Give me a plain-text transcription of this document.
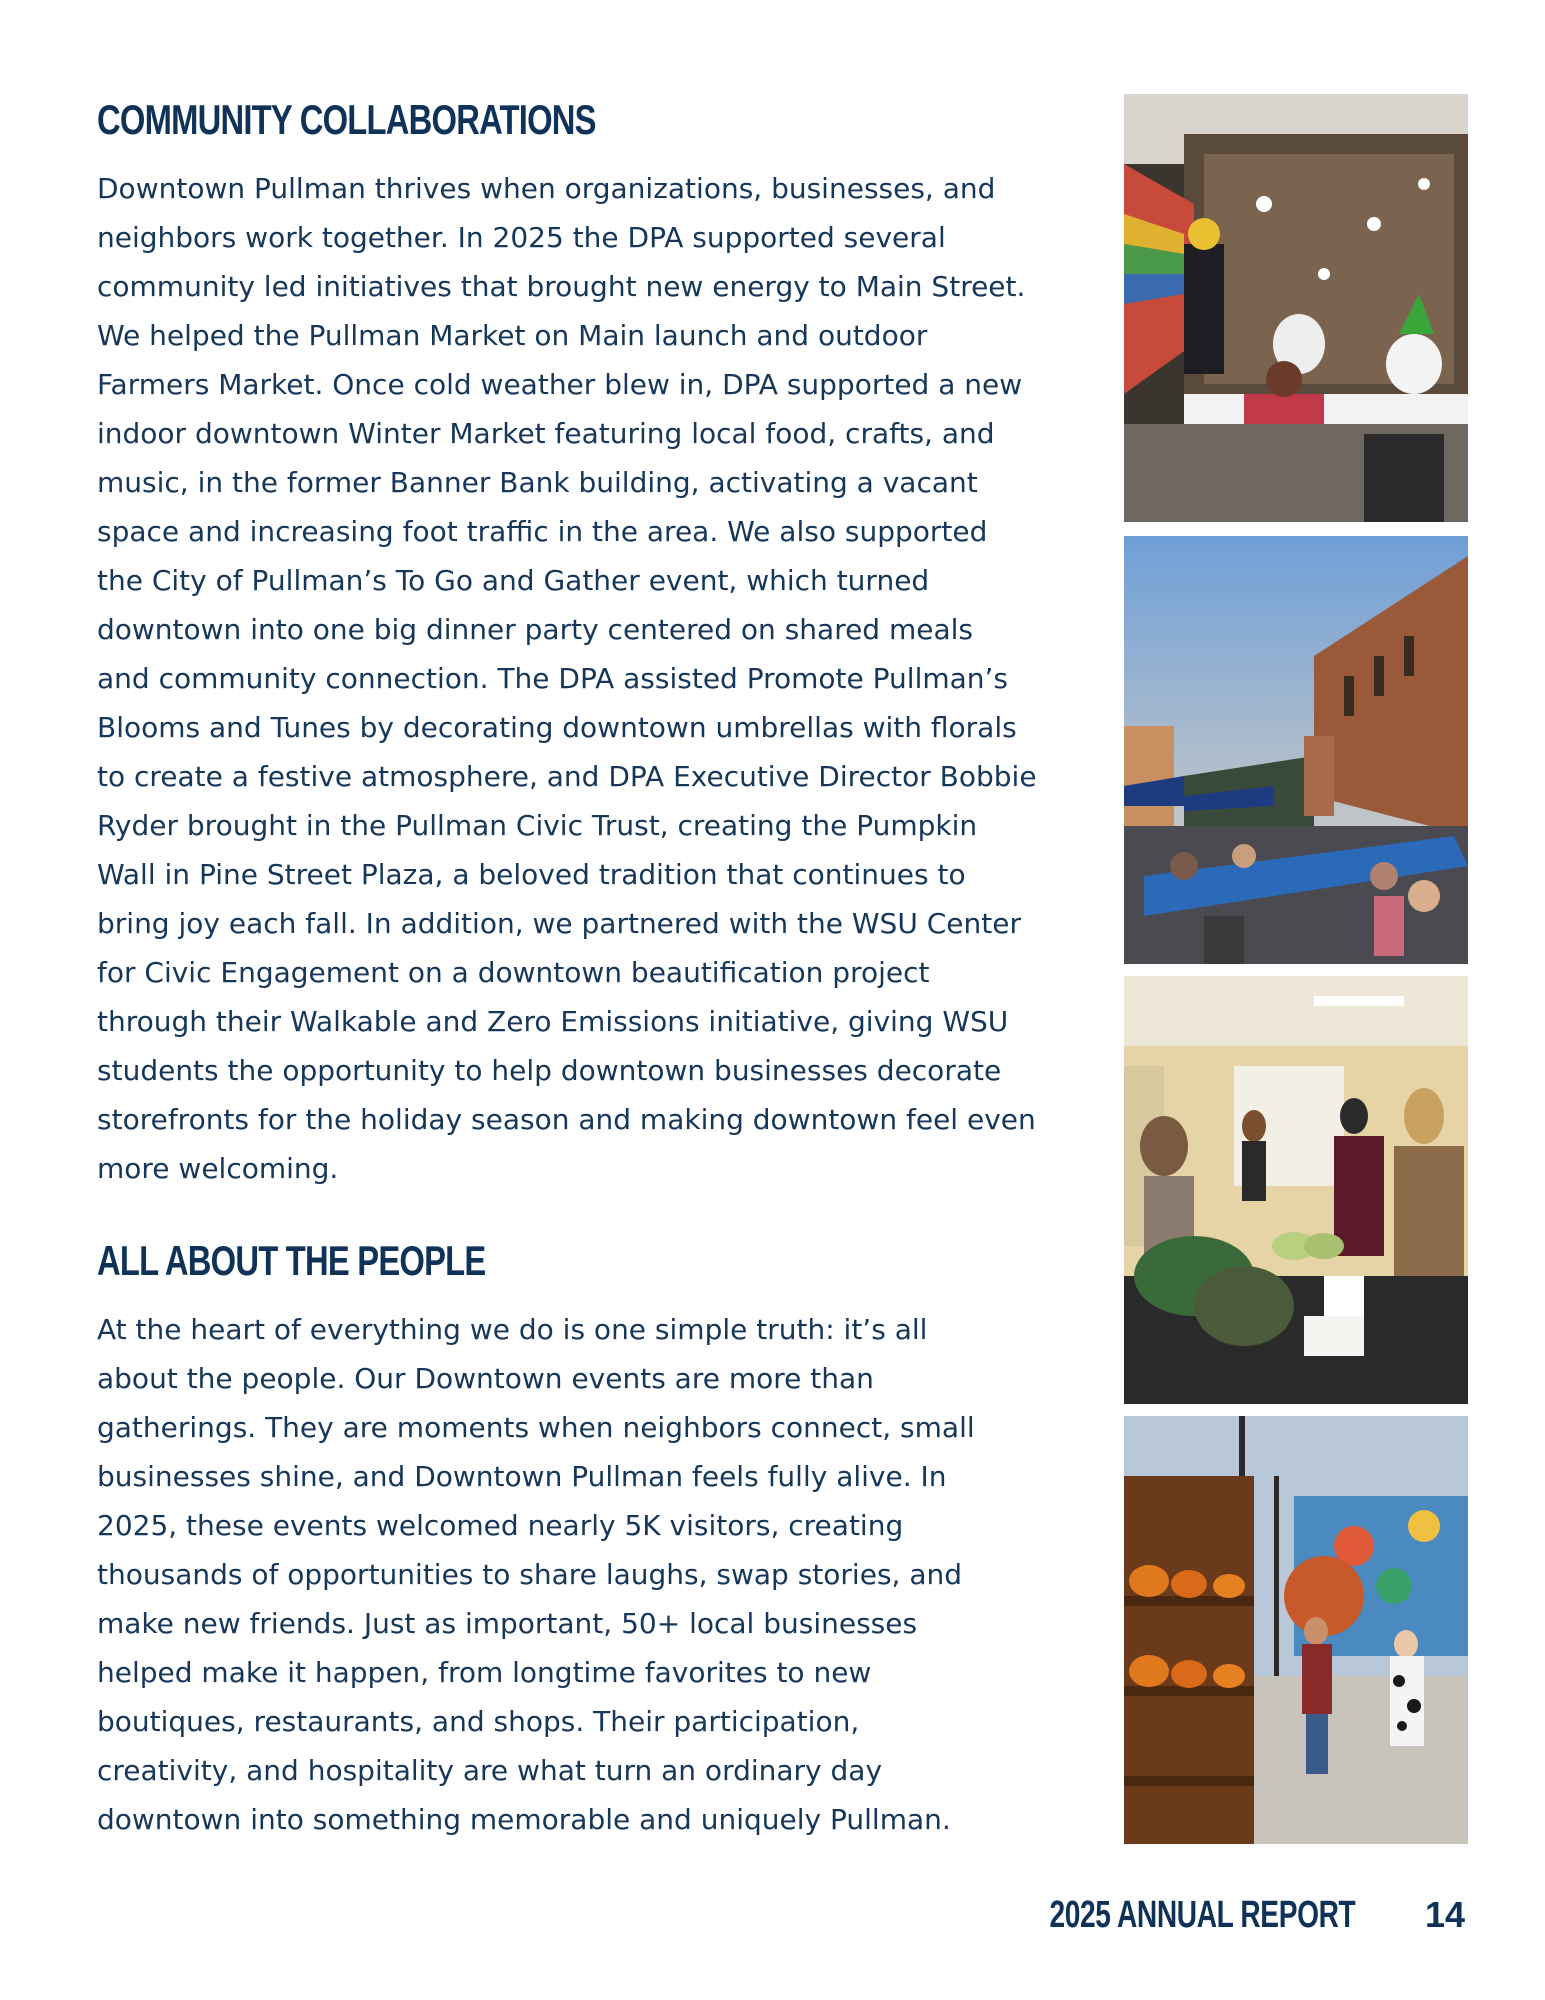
COMMUNITY COLLABORATIONS

Downtown Pullman thrives when organizations, businesses, and
neighbors work together. In 2025 the DPA supported several
community led initiatives that brought new energy to Main Street.
We helped the Pullman Market on Main launch and outdoor
Farmers Market. Once cold weather blew in, DPA supported a new
indoor downtown Winter Market featuring local food, crafts, and
music, in the former Banner Bank building, activating a vacant
space and increasing foot traffic in the area. We also supported
the City of Pullman’s To Go and Gather event, which turned
downtown into one big dinner party centered on shared meals
and community connection. The DPA assisted Promote Pullman’s
Blooms and Tunes by decorating downtown umbrellas with florals
to create a festive atmosphere, and DPA Executive Director Bobbie
Ryder brought in the Pullman Civic Trust, creating the Pumpkin
Wall in Pine Street Plaza, a beloved tradition that continues to
bring joy each fall. In addition, we partnered with the WSU Center
for Civic Engagement on a downtown beautification project
through their Walkable and Zero Emissions initiative, giving WSU
students the opportunity to help downtown businesses decorate
storefronts for the holiday season and making downtown feel even
more welcoming.

ALL ABOUT THE PEOPLE

At the heart of everything we do is one simple truth: it’s all
about the people. Our Downtown events are more than
gatherings. They are moments when neighbors connect, small
businesses shine, and Downtown Pullman feels fully alive. In
2025, these events welcomed nearly 5K visitors, creating
thousands of opportunities to share laughs, swap stories, and
make new friends. Just as important, 50+ local businesses
helped make it happen, from longtime favorites to new
boutiques, restaurants, and shops. Their participation,
creativity, and hospitality are what turn an ordinary day
downtown into something memorable and uniquely Pullman.

2025 ANNUAL REPORT 14
